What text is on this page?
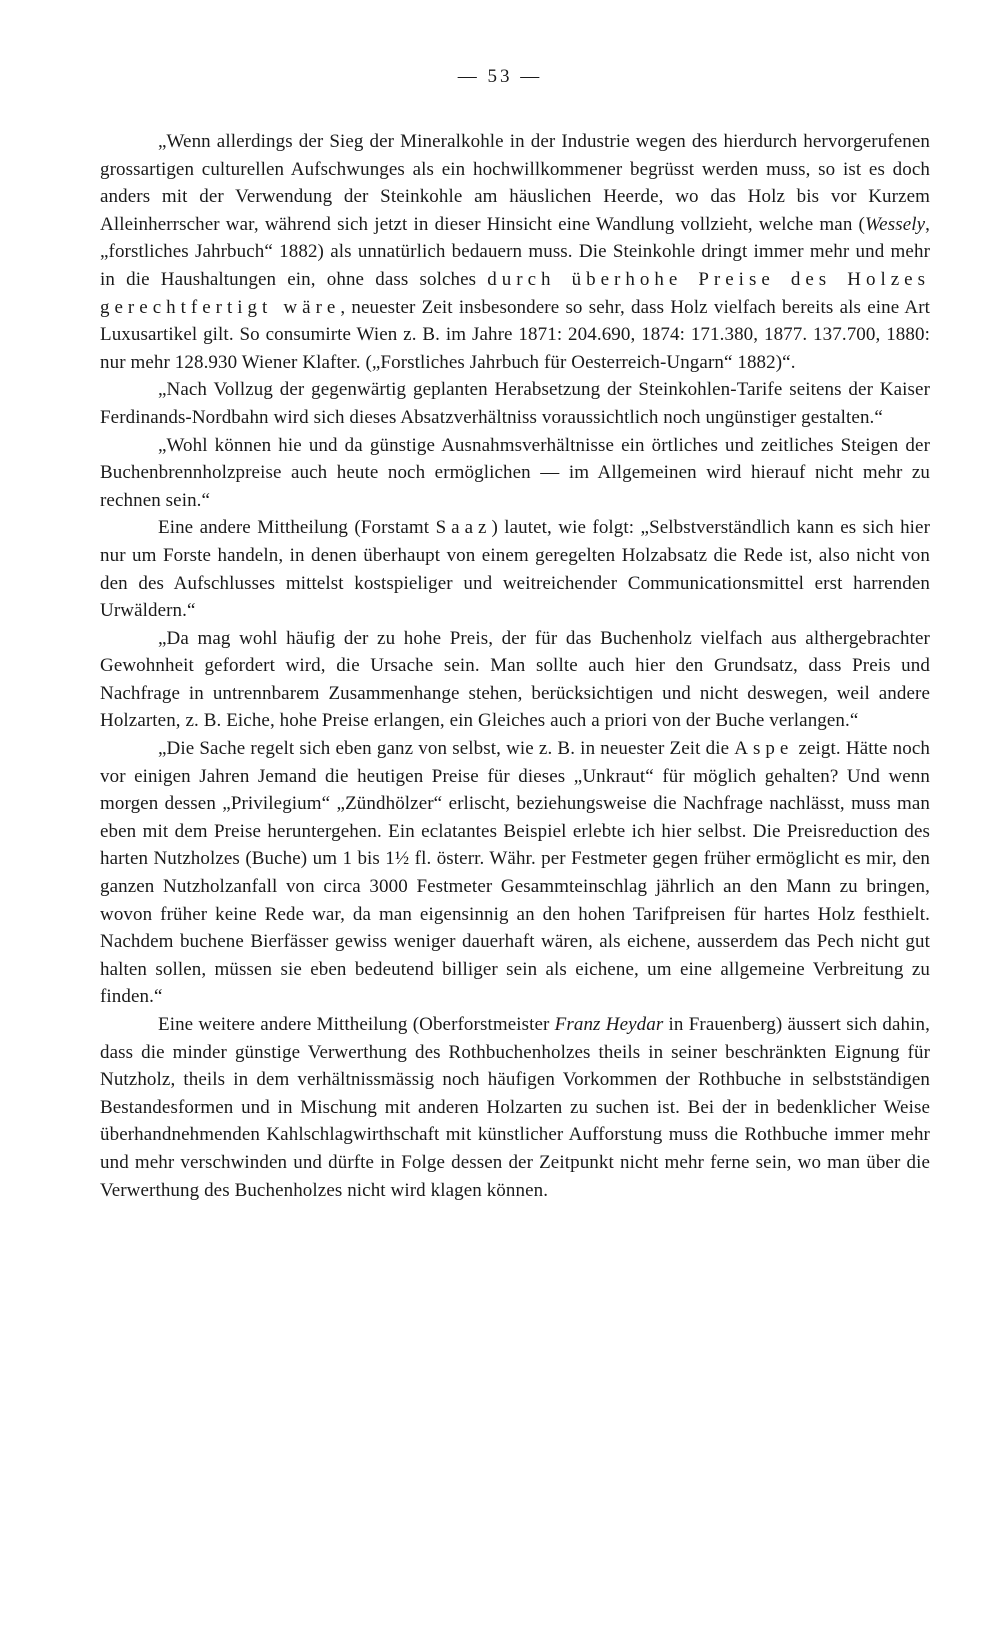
— 53 —

„Wenn allerdings der Sieg der Mineralkohle in der Industrie wegen des hierdurch hervorgerufenen grossartigen culturellen Aufschwunges als ein hochwillkommener begrüsst werden muss, so ist es doch anders mit der Verwendung der Steinkohle am häuslichen Heerde, wo das Holz bis vor Kurzem Alleinherrscher war, während sich jetzt in dieser Hinsicht eine Wandlung vollzieht, welche man (Wessely, „forstliches Jahrbuch“ 1882) als unnatürlich bedauern muss. Die Steinkohle dringt immer mehr und mehr in die Haushaltungen ein, ohne dass solches durch überhohe Preise des Holzes gerechtfertigt wäre, neuester Zeit insbesondere so sehr, dass Holz vielfach bereits als eine Art Luxusartikel gilt. So consumirte Wien z. B. im Jahre 1871: 204.690, 1874: 171.380, 1877. 137.700, 1880: nur mehr 128.930 Wiener Klafter. („Forstliches Jahrbuch für Oesterreich-Ungarn“ 1882)“.

„Nach Vollzug der gegenwärtig geplanten Herabsetzung der Steinkohlen-Tarife seitens der Kaiser Ferdinands-Nordbahn wird sich dieses Absatzverhältniss voraussichtlich noch ungünstiger gestalten.“

„Wohl können hie und da günstige Ausnahmsverhältnisse ein örtliches und zeitliches Steigen der Buchenbrennholzpreise auch heute noch ermöglichen — im Allgemeinen wird hierauf nicht mehr zu rechnen sein.“

Eine andere Mittheilung (Forstamt Saaz) lautet, wie folgt: „Selbstverständlich kann es sich hier nur um Forste handeln, in denen überhaupt von einem geregelten Holzabsatz die Rede ist, also nicht von den des Aufschlusses mittelst kostspieliger und weitreichender Communicationsmittel erst harrenden Urwäldern.“

„Da mag wohl häufig der zu hohe Preis, der für das Buchenholz vielfach aus althergebrachter Gewohnheit gefordert wird, die Ursache sein. Man sollte auch hier den Grundsatz, dass Preis und Nachfrage in untrennbarem Zusammenhange stehen, berücksichtigen und nicht deswegen, weil andere Holzarten, z. B. Eiche, hohe Preise erlangen, ein Gleiches auch a priori von der Buche verlangen.“

„Die Sache regelt sich eben ganz von selbst, wie z. B. in neuester Zeit die Aspe zeigt. Hätte noch vor einigen Jahren Jemand die heutigen Preise für dieses „Unkraut“ für möglich gehalten? Und wenn morgen dessen „Privilegium“ „Zündhölzer“ erlischt, beziehungsweise die Nachfrage nachlässt, muss man eben mit dem Preise heruntergehen. Ein eclatantes Beispiel erlebte ich hier selbst. Die Preisreduction des harten Nutzholzes (Buche) um 1 bis 1½ fl. österr. Währ. per Festmeter gegen früher ermöglicht es mir, den ganzen Nutzholzanfall von circa 3000 Festmeter Gesammteinschlag jährlich an den Mann zu bringen, wovon früher keine Rede war, da man eigensinnig an den hohen Tarifpreisen für hartes Holz festhielt. Nachdem buchene Bierfässer gewiss weniger dauerhaft wären, als eichene, ausserdem das Pech nicht gut halten sollen, müssen sie eben bedeutend billiger sein als eichene, um eine allgemeine Verbreitung zu finden.“

Eine weitere andere Mittheilung (Oberforstmeister Franz Heydar in Frauenberg) äussert sich dahin, dass die minder günstige Verwerthung des Rothbuchenholzes theils in seiner beschränkten Eignung für Nutzholz, theils in dem verhältnissmässig noch häufigen Vorkommen der Rothbuche in selbstständigen Bestandesformen und in Mischung mit anderen Holzarten zu suchen ist. Bei der in bedenklicher Weise überhandnehmenden Kahlschlagwirthschaft mit künstlicher Aufforstung muss die Rothbuche immer mehr und mehr verschwinden und dürfte in Folge dessen der Zeitpunkt nicht mehr ferne sein, wo man über die Verwerthung des Buchenholzes nicht wird klagen können.
